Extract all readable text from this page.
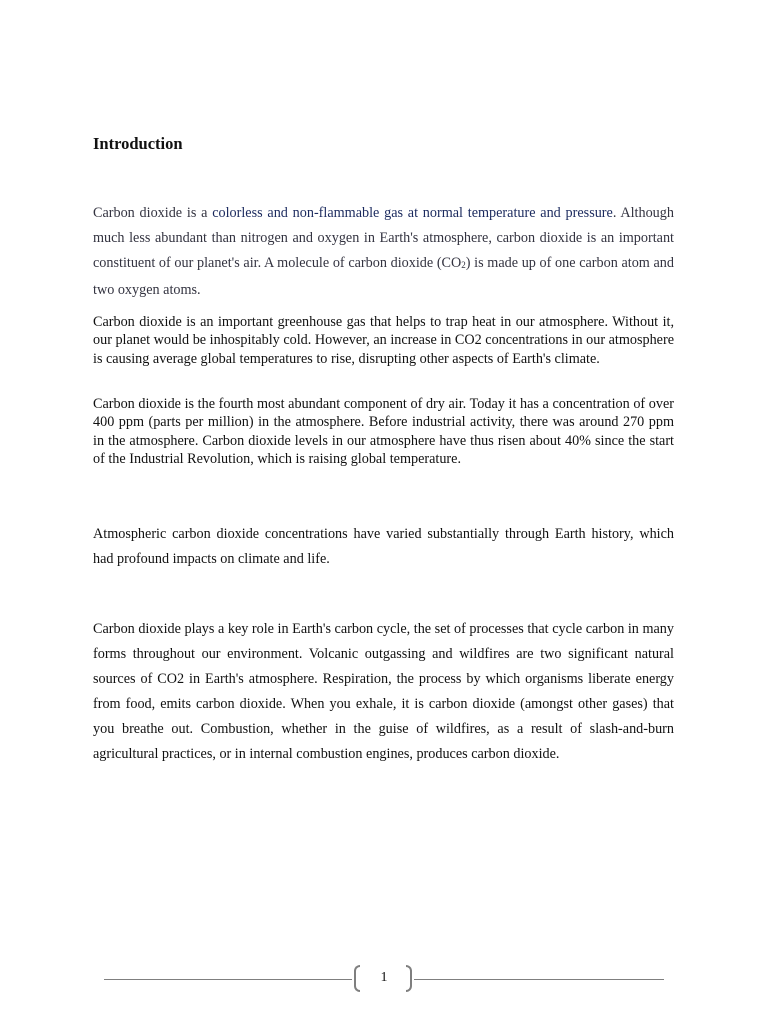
Introduction

Carbon dioxide is a colorless and non-flammable gas at normal temperature and pressure. Although much less abundant than nitrogen and oxygen in Earth's atmosphere, carbon dioxide is an important constituent of our planet's air. A molecule of carbon dioxide (CO2) is made up of one carbon atom and two oxygen atoms.

Carbon dioxide is an important greenhouse gas that helps to trap heat in our atmosphere. Without it, our planet would be inhospitably cold. However, an increase in CO2 concentrations in our atmosphere is causing average global temperatures to rise, disrupting other aspects of Earth's climate.

Carbon dioxide is the fourth most abundant component of dry air. Today it has a concentration of over 400 ppm (parts per million) in the atmosphere. Before industrial activity, there was around 270 ppm in the atmosphere. Carbon dioxide levels in our atmosphere have thus risen about 40% since the start of the Industrial Revolution, which is raising global temperature.

Atmospheric carbon dioxide concentrations have varied substantially through Earth history, which had profound impacts on climate and life.

Carbon dioxide plays a key role in Earth's carbon cycle, the set of processes that cycle carbon in many forms throughout our environment. Volcanic outgassing and wildfires are two significant natural sources of CO2 in Earth's atmosphere. Respiration, the process by which organisms liberate energy from food, emits carbon dioxide. When you exhale, it is carbon dioxide (amongst other gases) that you breathe out. Combustion, whether in the guise of wildfires, as a result of slash-and-burn agricultural practices, or in internal combustion engines, produces carbon dioxide.

1
